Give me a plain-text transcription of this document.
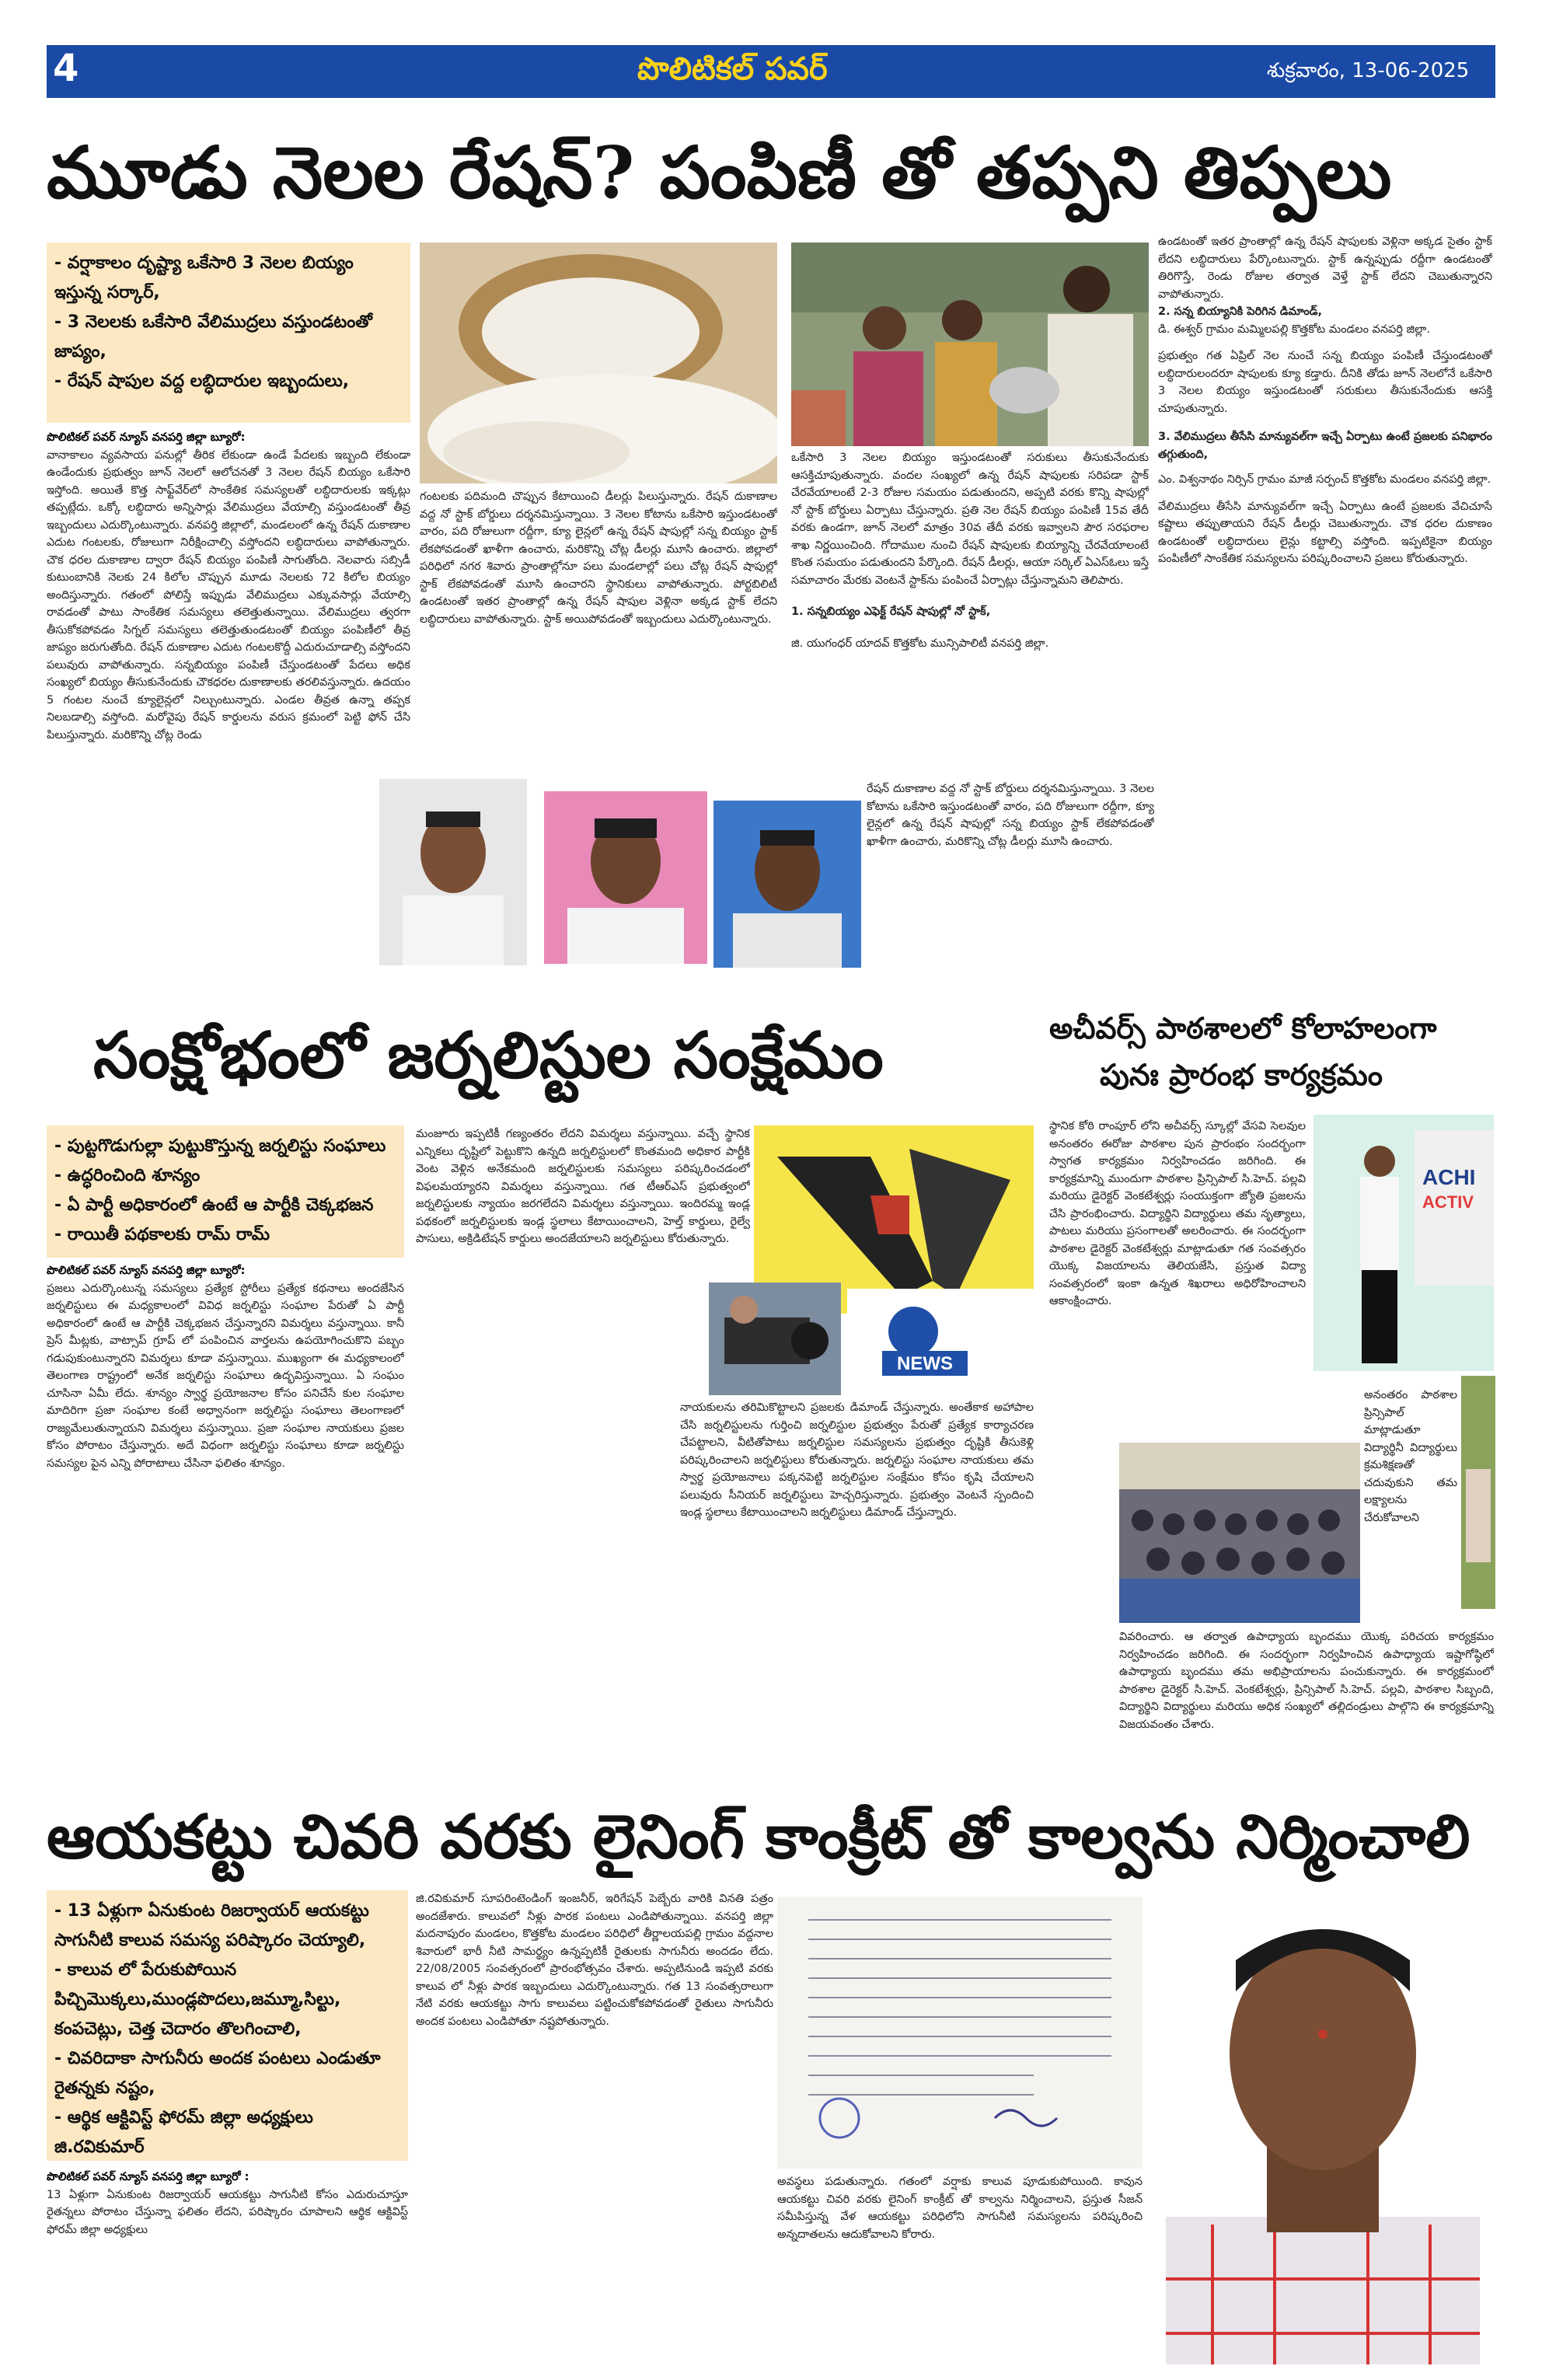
4	పొలిటికల్ పవర్	శుక్రవారం, 13-06-2025
మూడు నెలల రేషన్? పంపిణీ తో తప్పని తిప్పలు
- వర్షాకాలం దృష్ట్యా ఒకేసారి 3 నెలల బియ్యం ఇస్తున్న సర్కార్,
- 3 నెలలకు ఒకేసారి వేలిముద్రలు వస్తుండటంతో జాప్యం,
- రేషన్ షాపుల వద్ద లబ్ధిదారుల ఇబ్బందులు,
పొలిటికల్ పవర్ న్యూస్ వనపర్తి జిల్లా బ్యూరో:
వానాకాలం వ్యవసాయ పనుల్లో తీరిక లేకుండా ఉండే పేదలకు ఇబ్బంది లేకుండా ఉండేందుకు ప్రభుత్వం జూన్ నెలలో ఆలోచనతో 3 నెలల రేషన్ బియ్యం ఒకేసారి ఇస్తోంది. అయితే కొత్త సాఫ్ట్‌వేర్‌లో సాంకేతిక సమస్యలతో లబ్ధిదారులకు ఇక్కట్లు తప్పట్లేదు. ఒక్కో లబ్ధిదారు అన్నిసార్లు వేలిముద్రలు వేయాల్సి వస్తుండటంతో తీవ్ర ఇబ్బందులు ఎదుర్కొంటున్నారు. వనపర్తి జిల్లాలో, మండలంలో ఉన్న రేషన్ దుకాణాల ఎదుట గంటలకు, రోజులుగా నిరీక్షించాల్సి వస్తోందని లబ్ధిదారులు వాపోతున్నారు. చౌక ధరల దుకాణాల ద్వారా రేషన్ బియ్యం పంపిణీ సాగుతోంది. నెలవారు సబ్సిడీ కుటుంబానికి నెలకు 24 కిలోల చొప్పున మూడు నెలలకు 72 కిలోల బియ్యం అందిస్తున్నారు. గతంలో పోలిస్తే ఇప్పుడు వేలిముద్రలు ఎక్కువసార్లు వేయాల్సి రావడంతో పాటు సాంకేతిక సమస్యలు తలెత్తుతున్నాయి. వేలిముద్రలు త్వరగా తీసుకోకపోవడం సిగ్నల్ సమస్యలు తలెత్తుతుండటంతో బియ్యం పంపిణీలో తీవ్ర జాప్యం జరుగుతోంది. రేషన్ దుకాణాల ఎదుట గంటలకొద్దీ ఎదురుచూడాల్సి వస్తోందని పలువురు వాపోతున్నారు. సన్నబియ్యం పంపిణీ చేస్తుండటంతో పేదలు అధిక సంఖ్యలో బియ్యం తీసుకునేందుకు చౌకధరల దుకాణాలకు తరలివస్తున్నారు. ఉదయం 5 గంటల నుంచే క్యూలైన్లలో నిల్చుంటున్నారు. ఎండల తీవ్రత ఉన్నా తప్పక నిలబడాల్సి వస్తోంది. మరోవైపు రేషన్ కార్డులను వరుస క్రమంలో పెట్టి ఫోన్ చేసి పిలుస్తున్నారు. మరికొన్ని చోట్ల రెండు
గంటలకు పదిమంది చొప్పున కేటాయించి డీలర్లు పిలుస్తున్నారు. రేషన్ దుకాణాల వద్ద నో స్టాక్ బోర్డులు దర్శనమిస్తున్నాయి. 3 నెలల కోటాను ఒకేసారి ఇస్తుండటంతో వారం, పది రోజులుగా రద్దీగా, క్యూ లైన్లలో ఉన్న రేషన్ షాపుల్లో సన్న బియ్యం స్టాక్ లేకపోవడంతో ఖాళీగా ఉంచారు, మరికొన్ని చోట్ల డీలర్లు మూసి ఉంచారు. జిల్లాలో పరిధిలో నగర శివారు ప్రాంతాల్లోనూ పలు మండలాల్లో పలు చోట్ల రేషన్ షాపుల్లో స్టాక్ లేకపోవడంతో మూసి ఉంచారని స్థానికులు వాపోతున్నారు. పోర్టబిలిటీ ఉండటంతో ఇతర ప్రాంతాల్లో ఉన్న రేషన్ షాపుల వెళ్లినా అక్కడ స్టాక్ లేదని లబ్ధిదారులు వాపోతున్నారు. స్టాక్ అయిపోవడంతో ఇబ్బందులు ఎదుర్కొంటున్నారు.
ఒకేసారి 3 నెలల బియ్యం ఇస్తుండటంతో సరుకులు తీసుకునేందుకు ఆసక్తిచూపుతున్నారు. వందల సంఖ్యలో ఉన్న రేషన్ షాపులకు సరిపడా స్టాక్ చేరవేయాలంటే 2-3 రోజుల సమయం పడుతుందని, అప్పటి వరకు కొన్ని షాపుల్లో నో స్టాక్ బోర్డులు ఏర్పాటు చేస్తున్నారు. ప్రతి నెల రేషన్ బియ్యం పంపిణీ 15వ తేదీ వరకు ఉండగా, జూన్ నెలలో మాత్రం 30వ తేదీ వరకు ఇవ్వాలని పౌర సరఫరాల శాఖ నిర్ణయించింది. గోదాముల నుంచి రేషన్ షాపులకు బియ్యాన్ని చేరవేయాలంటే కొంత సమయం పడుతుందని పేర్కొంది. రేషన్ డీలర్లు, ఆయా సర్కిల్ ఏఎస్ఓలు ఇస్తే సమాచారం మేరకు వెంటనే స్టాక్‌ను పంపించే ఏర్పాట్లు చేస్తున్నామని తెలిపారు.
1. సన్నబియ్యం ఎఫెక్ట్ రేషన్ షాపుల్లో నో స్టాక్,
జి. యుగంధర్ యాదవ్ కొత్తకోట మున్సిపాలిటీ వనపర్తి జిల్లా.
ఉండటంతో ఇతర ప్రాంతాల్లో ఉన్న రేషన్ షాపులకు వెళ్లినా అక్కడ సైతం స్టాక్ లేదని లబ్ధిదారులు పేర్కొంటున్నారు. స్టాక్ ఉన్నప్పుడు రద్దీగా ఉండటంతో తిరిగొస్తే, రెండు రోజుల తర్వాత వెళ్తే స్టాక్ లేదని చెబుతున్నారని వాపోతున్నారు.
2. సన్న బియ్యానికి పెరిగిన డిమాండ్,
డి. ఈశ్వర్ గ్రామం మమ్మిలపల్లి కొత్తకోట మండలం వనపర్తి జిల్లా.
ప్రభుత్వం గత ఏప్రిల్ నెల నుంచే సన్న బియ్యం పంపిణీ చేస్తుండటంతో లబ్ధిదారులందరూ షాపులకు క్యూ కడ్తారు. దీనికి తోడు జూన్ నెలలోనే ఒకేసారి 3 నెలల బియ్యం ఇస్తుండటంతో సరుకులు తీసుకునేందుకు ఆసక్తి చూపుతున్నారు.
3. వేలిముద్రలు తీసేసి మాన్యువల్‌గా ఇచ్చే ఏర్పాటు ఉంటే ప్రజలకు పనిభారం తగ్గుతుంది,
ఎం. విశ్వనాథం నిర్సిన్ గ్రామం మాజీ సర్పంచ్ కొత్తకోట మండలం వనపర్తి జిల్లా.
వేలిముద్రలు తీసేసి మాన్యువల్‌గా ఇచ్చే ఏర్పాటు ఉంటే ప్రజలకు వేచిచూసే కష్టాలు తప్పుతాయని రేషన్ డీలర్లు చెబుతున్నారు. చౌక ధరల దుకాణం ఉండటంతో లబ్ధిదారులు లైన్లు కట్టాల్సి వస్తోంది. ఇప్పటికైనా బియ్యం పంపిణీలో సాంకేతిక సమస్యలను పరిష్కరించాలని ప్రజలు కోరుతున్నారు.
రేషన్ దుకాణాల వద్ద నో స్టాక్ బోర్డులు దర్శనమిస్తున్నాయి. 3 నెలల కోటాను ఒకేసారి ఇస్తుండటంతో వారం, పది రోజులుగా రద్దీగా, క్యూ లైన్లలో ఉన్న రేషన్ షాపుల్లో సన్న బియ్యం స్టాక్ లేకపోవడంతో ఖాళీగా ఉంచారు, మరికొన్ని చోట్ల డీలర్లు మూసి ఉంచారు.
సంక్షోభంలో జర్నలిస్టుల సంక్షేమం
- పుట్టగొడుగుల్లా పుట్టుకొస్తున్న జర్నలిస్టు సంఘాలు
- ఉద్ధరించింది శూన్యం
- ఏ పార్టీ అధికారంలో ఉంటే ఆ పార్టీకి చెక్కభజన
- రాయితీ పథకాలకు రామ్ రామ్
పొలిటికల్ పవర్ న్యూస్ వనపర్తి జిల్లా బ్యూరో:
ప్రజలు ఎదుర్కొంటున్న సమస్యలు ప్రత్యేక స్టోరీలు ప్రత్యేక కథనాలు అందజేసిన జర్నలిస్టులు ఈ మధ్యకాలంలో వివిధ జర్నలిస్టు సంఘాల పేరుతో ఏ పార్టీ అధికారంలో ఉంటే ఆ పార్టీకి చెక్కభజన చేస్తున్నారని విమర్శలు వస్తున్నాయి. కానీ ప్రెస్ మీట్లకు, వాట్సాప్ గ్రూప్ లో పంపించిన వార్తలను ఉపయోగించుకొని పబ్బం గడుపుకుంటున్నారని విమర్శలు కూడా వస్తున్నాయి. ముఖ్యంగా ఈ మధ్యకాలంలో తెలంగాణ రాష్ట్రంలో అనేక జర్నలిస్టు సంఘాలు ఉద్భవిస్తున్నాయి. ఏ సంఘం చూసినా ఏమీ లేదు. శూన్యం స్వార్థ ప్రయోజనాల కోసం పనిచేసే కుల సంఘాల మాదిరిగా ప్రజా సంఘాల కంటే అధ్వానంగా జర్నలిస్టు సంఘాలు తెలంగాణలో రాజ్యమేలుతున్నాయని విమర్శలు వస్తున్నాయి. ప్రజా సంఘాల నాయకులు ప్రజల కోసం పోరాటం చేస్తున్నారు. అదే విధంగా జర్నలిస్టు సంఘాలు కూడా జర్నలిస్టు సమస్యల పైన ఎన్ని పోరాటాలు చేసినా ఫలితం శూన్యం.
మంజూరు ఇప్పటికీ గణ్యంతరం లేదని విమర్శలు వస్తున్నాయి. వచ్చే స్థానిక ఎన్నికలు దృష్టిలో పెట్టుకొని ఉన్నది జర్నలిస్టులలో కొంతమంది అధికార పార్టీకి వెంట వెళ్లిన అనేకమంది జర్నలిస్టులకు సమస్యలు పరిష్కరించడంలో విఫలమయ్యారని విమర్శలు వస్తున్నాయి. గత టీఆర్ఎస్ ప్రభుత్వంలో జర్నలిస్టులకు న్యాయం జరగలేదని విమర్శలు వస్తున్నాయి. ఇందిరమ్మ ఇండ్ల పథకంలో జర్నలిస్టులకు ఇండ్ల స్థలాలు కేటాయించాలని, హెల్త్ కార్డులు, రైల్వే పాసులు, అక్రిడిటేషన్ కార్డులు అందజేయాలని జర్నలిస్టులు కోరుతున్నారు.
NEWS
నాయకులను తరిమికొట్టాలని ప్రజలకు డిమాండ్ చేస్తున్నారు. అంతేకాక అహాపాల చేసి జర్నలిస్టులను గుర్తించి జర్నలిస్టుల ప్రభుత్వం పేరుతో ప్రత్యేక కార్యాచరణ చేపట్టాలని, వీటితోపాటు జర్నలిస్టుల సమస్యలను ప్రభుత్వం దృష్టికి తీసుకెళ్లి పరిష్కరించాలని జర్నలిస్టులు కోరుతున్నారు. జర్నలిస్టు సంఘాల నాయకులు తమ స్వార్థ ప్రయోజనాలు పక్కనపెట్టి జర్నలిస్టుల సంక్షేమం కోసం కృషి చేయాలని పలువురు సీనియర్ జర్నలిస్టులు హెచ్చరిస్తున్నారు. ప్రభుత్వం వెంటనే స్పందించి ఇండ్ల స్థలాలు కేటాయించాలని జర్నలిస్టులు డిమాండ్ చేస్తున్నారు.
అచీవర్స్ పాఠశాలలో కోలాహలంగా
పునః ప్రారంభ కార్యక్రమం
స్థానిక కోఠి రాంపూర్ లోని అచీవర్స్ స్కూల్లో వేసవి సెలవుల అనంతరం ఈరోజు పాఠశాల పున ప్రారంభం సందర్భంగా స్వాగత కార్యక్రమం నిర్వహించడం జరిగింది. ఈ కార్యక్రమాన్ని ముందుగా పాఠశాల ప్రిన్సిపాల్ సి.హెచ్. పల్లవి మరియు డైరెక్టర్ వెంకటేశ్వర్లు సంయుక్తంగా జ్యోతి ప్రజలను చేసి ప్రారంభించారు. విద్యార్థిని విద్యార్థులు తమ నృత్యాలు, పాటలు మరియు ప్రసంగాలతో అలరించారు. ఈ సందర్భంగా పాఠశాల డైరెక్టర్ వెంకటేశ్వర్లు మాట్లాడుతూ గత సంవత్సరం యొక్క విజయాలను తెలియజేసి, ప్రస్తుత విద్యా సంవత్సరంలో ఇంకా ఉన్నత శిఖరాలు అధిరోహించాలని ఆకాంక్షించారు.
ACHI
ACTIV
అనంతరం పాఠశాల ప్రిన్సిపాల్ మాట్లాడుతూ విద్యార్థినీ విద్యార్థులు క్రమశిక్షణతో చదువుకుని తమ లక్ష్యాలను చేరుకోవాలని
వివరించారు. ఆ తర్వాత ఉపాధ్యాయ బృందము యొక్క పరిచయ కార్యక్రమం నిర్వహించడం జరిగింది. ఈ సందర్భంగా నిర్వహించిన ఉపాధ్యాయ ఇష్టాగోష్ఠిలో ఉపాధ్యాయ బృందము తమ అభిప్రాయాలను పంచుకున్నారు. ఈ కార్యక్రమంలో పాఠశాల డైరెక్టర్ సి.హెచ్. వెంకటేశ్వర్లు, ప్రిన్సిపాల్ సి.హెచ్. పల్లవి, పాఠశాల సిబ్బంది, విద్యార్థిని విద్యార్థులు మరియు అధిక సంఖ్యలో తల్లిదండ్రులు పాల్గొని ఈ కార్యక్రమాన్ని విజయవంతం చేశారు.
ఆయకట్టు చివరి వరకు లైనింగ్ కాంక్రీట్ తో కాల్వను నిర్మించాలి
- 13 ఏళ్లుగా ఏనుకుంట రిజర్వాయర్ ఆయకట్టు సాగునీటి కాలువ సమస్య పరిష్కారం చెయ్యాలి,
- కాలువ లో పేరుకుపోయిన పిచ్చిమొక్కలు,ముండ్లపొదలు,జమ్మూ,సిల్టు, కంపచెట్లు, చెత్త చెదారం తొలగించాలి,
- చివరిదాకా సాగునీరు అందక పంటలు ఎండుతూ రైతన్నకు నష్టం,
- ఆర్థిక ఆక్టివిస్ట్ ఫోరమ్ జిల్లా అధ్యక్షులు జి.రవికుమార్
పొలిటికల్ పవర్ న్యూస్ వనపర్తి జిల్లా బ్యూరో :
13 ఏళ్లుగా ఏనుకుంట రిజర్వాయర్ ఆయకట్టు సాగునీటి కోసం ఎదురుచూస్తూ రైతన్నలు పోరాటం చేస్తున్నా ఫలితం లేదని, పరిష్కారం చూపాలని ఆర్థిక ఆక్టివిస్ట్ ఫోరమ్ జిల్లా అధ్యక్షులు
జి.రవికుమార్ సూపరింటెండింగ్ ఇంజనీర్, ఇరిగేషన్ పెబ్బేరు వారికి వినతి పత్రం అందజేశారు. కాలువలో నీళ్లు పారక పంటలు ఎండిపోతున్నాయి. వనపర్తి జిల్లా మదనాపురం మండలం, కొత్తకోట మండలం పరిధిలో తీర్ణాలయపల్లి గ్రామం వద్దనాల శివారులో భారీ నీటి సామర్థ్యం ఉన్నప్పటికీ రైతులకు సాగునీరు అందడం లేదు. 22/08/2005 సంవత్సరంలో ప్రారంభోత్సవం చేశారు. అప్పటినుండి ఇప్పటి వరకు కాలువ లో నీళ్లు పారక ఇబ్బందులు ఎదుర్కొంటున్నారు. గత 13 సంవత్సరాలుగా నేటి వరకు ఆయకట్టు సాగు కాలువలు పట్టించుకోకపోవడంతో రైతులు సాగునీరు అందక పంటలు ఎండిపోతూ నష్టపోతున్నారు.
అవస్థలు పడుతున్నారు. గతంలో వర్షాకు కాలువ పూడుకుపోయింది. కావున ఆయకట్టు చివరి వరకు లైనింగ్ కాంక్రీట్ తో కాల్వను నిర్మించాలని, ప్రస్తుత సీజన్ సమీపిస్తున్న వేళ ఆయకట్టు పరిధిలోని సాగునీటి సమస్యలను పరిష్కరించి అన్నదాతలను ఆదుకోవాలని కోరారు.
